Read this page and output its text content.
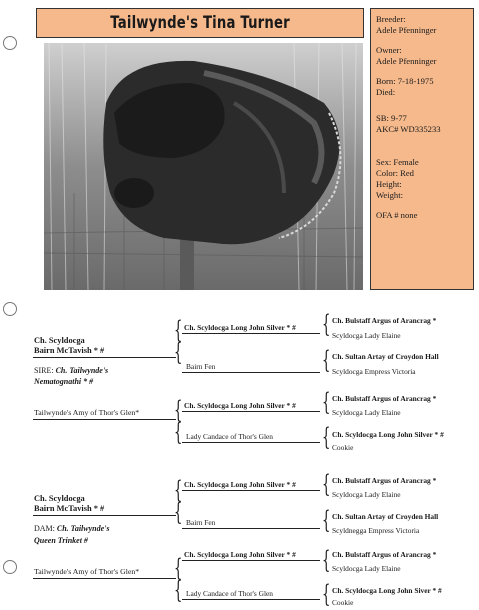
Tailwynde's Tina Turner	Breeder:
Adele Pfenninger
Owner:
Adele Pfenninger
Born: 7-18-1975
Died:
SB: 9-77
AKC# WD335233
Sex: Female
Color: Red
Height:
Weight:
OFA # none
Ch. Scyldocga
Bairn McTavish * #
SIRE: Ch. Tailwynde's
Nematognathi * #
Tailwynde's Amy of Thor's Glen*
{
{
{
{
Ch. Scyldocga Long John Silver * #
Bairn Fen
Ch. Scyldocga Long John Silver * #
Lady Candace of Thor's Glen
{
{
{
{
Ch. Bulstaff Argus of Arancrag *
Scyldocga Lady Elaine
Ch. Sultan Artay of Croydon Hall
Scyldocga Empress Victoria
Ch. Bulstaff Argus of Arancrag *
Scyldocga Lady Elaine
Ch. Scyldocga Long John Silver * #
Cookie
Ch. Scyldocga
Bairn McTavish * #
DAM: Ch. Tailwynde's
Queen Trinket #
Tailwynde's Amy of Thor's Glen*
{
{
{
{
Ch. Scyldocga Long John Silver * #
Bairn Fen
Ch. Scyldocga Long John Silver * #
Lady Candace of Thor's Glen
{
{
{
{
Ch. Bulstaff Argus of Arancrag *
Scyldocga Lady Elaine
Ch. Sultan Artay of Croyden Hall
Scyldnegga Empress Victoria
Ch. Bulstaff Argus of Arancrag *
Scyldocga Lady Elaine
Ch. Scyldocga Long John Siver * #
Cookie
